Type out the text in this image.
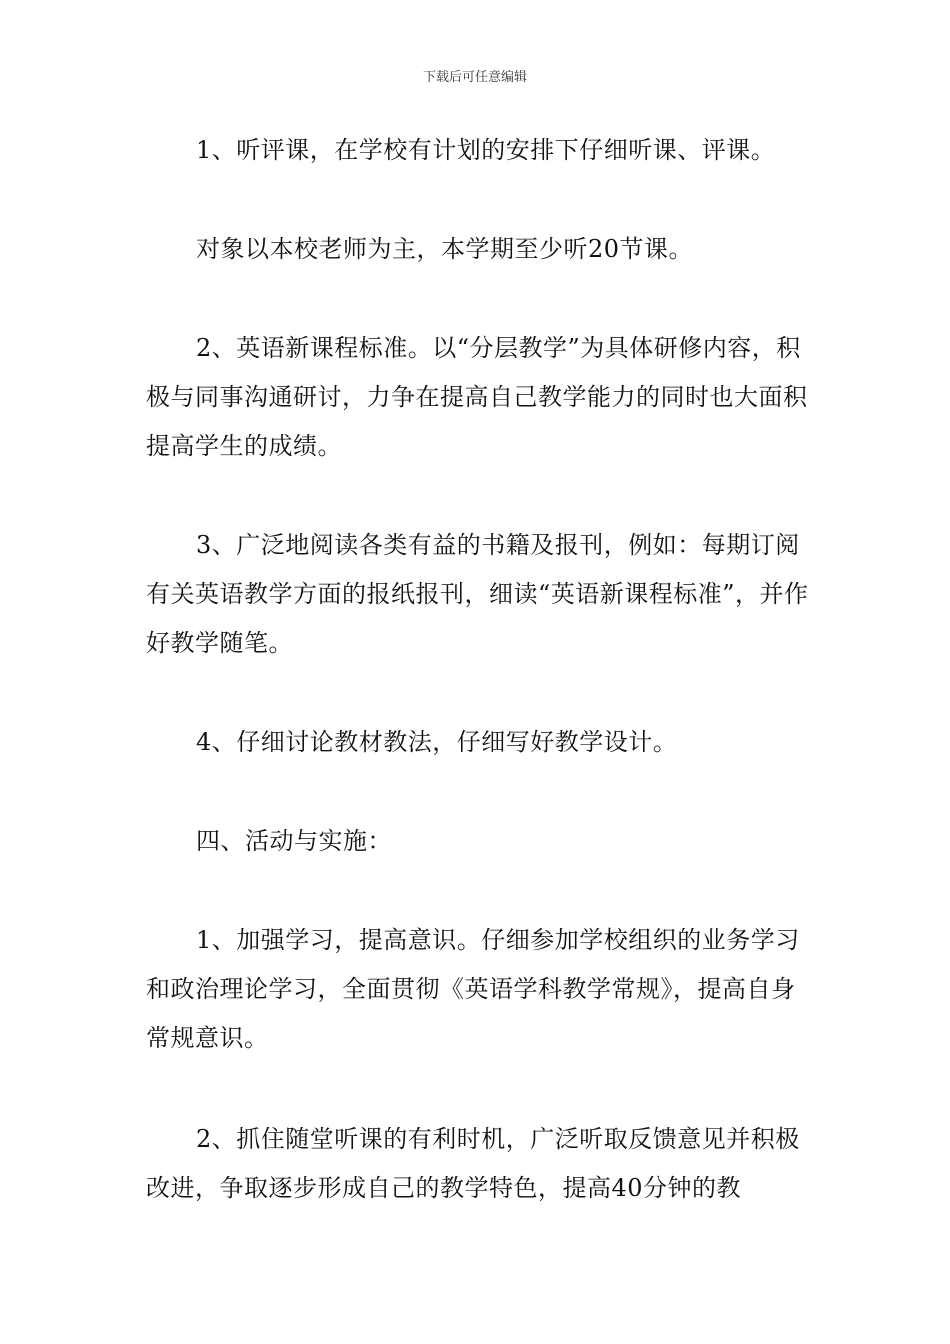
下载后可任意编辑

1、听评课，在学校有计划的安排下仔细听课、评课。

对象以本校老师为主，本学期至少听20节课。

2、英语新课程标准。以“分层教学”为具体研修内容，积极与同事沟通研讨，力争在提高自己教学能力的同时也大面积提高学生的成绩。

3、广泛地阅读各类有益的书籍及报刊，例如：每期订阅有关英语教学方面的报纸报刊，细读“英语新课程标准”，并作好教学随笔。

4、仔细讨论教材教法，仔细写好教学设计。

四、活动与实施：

1、加强学习，提高意识。仔细参加学校组织的业务学习和政治理论学习，全面贯彻《英语学科教学常规》，提高自身常规意识。

2、抓住随堂听课的有利时机，广泛听取反馈意见并积极改进，争取逐步形成自己的教学特色，提高40分钟的教
